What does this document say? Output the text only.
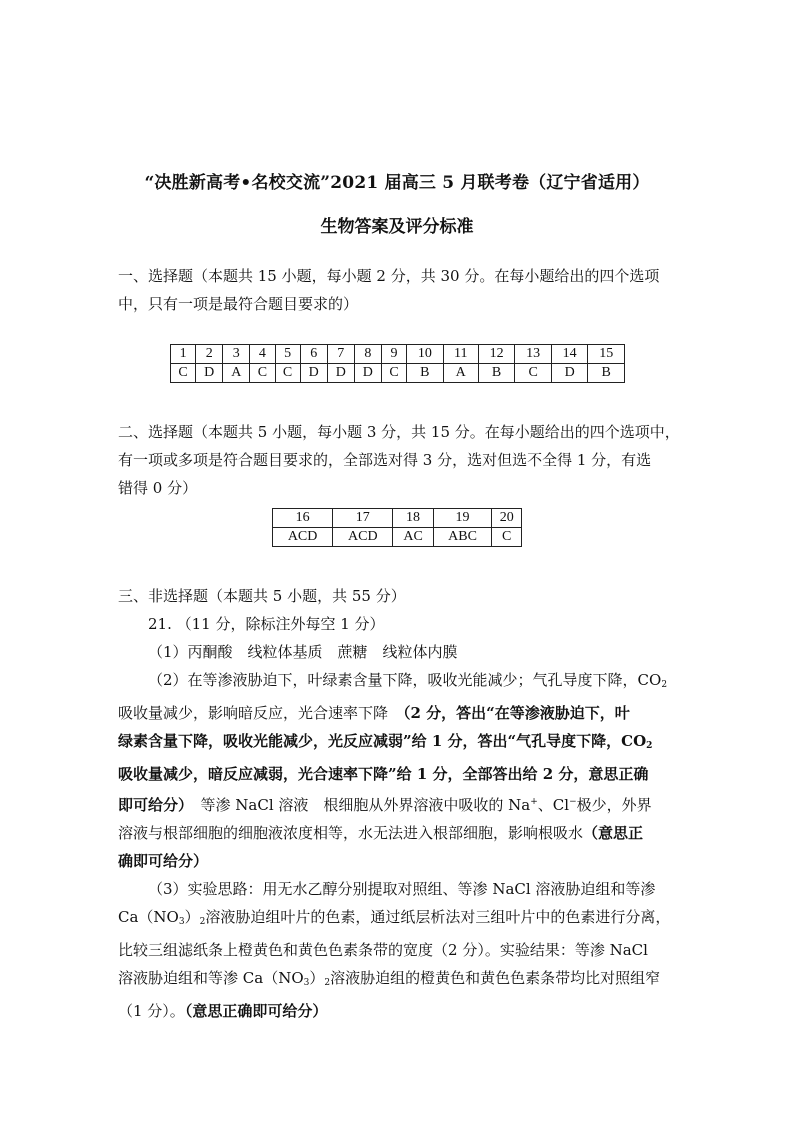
“决胜新高考•名校交流”2021 届高三 5 月联考卷（辽宁省适用）
生物答案及评分标准
一、选择题（本题共 15 小题，每小题 2 分，共 30 分。在每小题给出的四个选项
中，只有一项是最符合题目要求的）
1	2	3	4	5	6	7	8	9	10	11	12	13	14	15
C	D	A	C	C	D	D	D	C	B	A	B	C	D	B
二、选择题（本题共 5 小题，每小题 3 分，共 15 分。在每小题给出的四个选项中，
有一项或多项是符合题目要求的，全部选对得 3 分，选对但选不全得 1 分，有选
错得 0 分）
16	17	18	19	20
ACD	ACD	AC	ABC	C
三、非选择题（本题共 5 小题，共 55 分）
21. （11 分，除标注外每空 1 分）
（1）丙酮酸　线粒体基质　蔗糖　线粒体内膜
（2）在等渗液胁迫下，叶绿素含量下降，吸收光能减少；气孔导度下降，$CO_2$
吸收量减少，影响暗反应，光合速率下降　（2 分，答出“在等渗液胁迫下，叶
绿素含量下降，吸收光能减少，光反应减弱”给 1 分，答出“气孔导度下降，$CO_2$
吸收量减少，暗反应减弱，光合速率下降”给 1 分，全部答出给 2 分，意思正确
即可给分）　等渗 NaCl 溶液　根细胞从外界溶液中吸收的 Na+、Cl−极少，外界
溶液与根部细胞的细胞液浓度相等，水无法进入根部细胞，影响根吸水（意思正
确即可给分）
（3）实验思路：用无水乙醇分别提取对照组、等渗 NaCl 溶液胁迫组和等渗
$Ca(NO_3)_2$溶液胁迫组叶片的色素，通过纸层析法对三组叶片中的色素进行分离，
比较三组滤纸条上橙黄色和黄色色素条带的宽度（2 分）。实验结果：等渗 NaCl
溶液胁迫组和等渗 $Ca(NO_3)_2$溶液胁迫组的橙黄色和黄色色素条带均比对照组窄
（1 分）。（意思正确即可给分）
